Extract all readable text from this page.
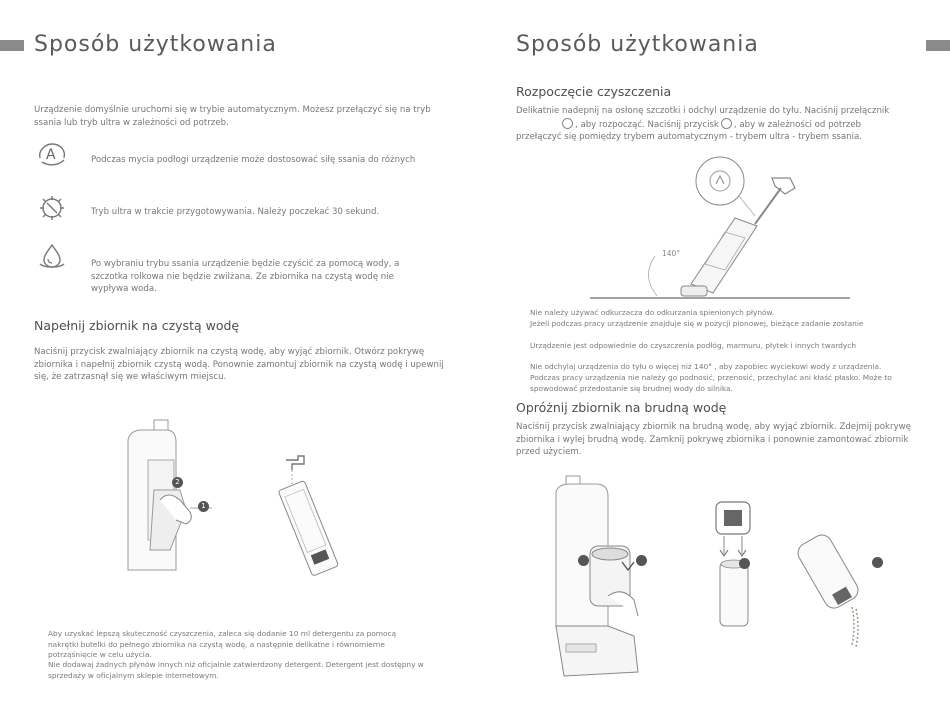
Sposób użytkowania
Urządzenie domyślnie uruchomi się w trybie automatycznym. Możesz przełączyć się na tryb ssania lub tryb ultra w zależności od potrzeb.
A	Podczas mycia podłogi urządzenie może dostosować siłę ssania do różnych
Tryb ultra w trakcie przygotowywania. Należy poczekać 30 sekund.
Po wybraniu trybu ssania urządzenie będzie czyścić za pomocą wody, a szczotka rolkowa nie będzie zwilżana. Ze zbiornika na czystą wodę nie wypływa woda.
Napełnij zbiornik na czystą wodę
Naciśnij przycisk zwalniający zbiornik na czystą wodę, aby wyjąć zbiornik. Otwórz pokrywę zbiornika i napełnij zbiornik czystą wodą. Ponownie zamontuj zbiornik na czystą wodę i upewnij się, że zatrzasnął się we właściwym miejscu.
2
1
Aby uzyskać lepszą skuteczność czyszczenia, zaleca się dodanie 10 ml detergentu za pomocą nakrętki butelki do pełnego zbiornika na czystą wodę, a następnie delikatne i równomierne potrząśnięcie w celu użycia.
Nie dodawaj żadnych płynów innych niż oficjalnie zatwierdzony detergent. Detergent jest dostępny w sprzedaży w oficjalnym sklepie internetowym.
Sposób użytkowania
Rozpoczęcie czyszczenia
Delikatnie nadepnij na osłonę szczotki i odchyl urządzenie do tyłu. Naciśnij przełącznik
, aby rozpocząć. Naciśnij przycisk , aby w zależności od potrzeb
przełączyć się pomiędzy trybem automatycznym - trybem ultra - trybem ssania.
140°
Nie należy używać odkurzacza do odkurzania spienionych płynów.
Jeżeli podczas pracy urządzenie znajduje się w pozycji pionowej, bieżące zadanie zostanie
Urządzenie jest odpowiednie do czyszczenia podłóg, marmuru, płytek i innych twardych
Nie odchylaj urządzenia do tyłu o więcej niż 140° , aby zapobiec wyciekowi wody z urządzenia.
Podczas pracy urządzenia nie należy go podnosić, przenosić, przechylać ani kłaść płasko. Może to spowodować przedostanie się brudnej wody do silnika.
Opróżnij zbiornik na brudną wodę
Naciśnij przycisk zwalniający zbiornik na brudną wodę, aby wyjąć zbiornik. Zdejmij pokrywę zbiornika i wylej brudną wodę. Zamknij pokrywę zbiornika i ponownie zamontować zbiornik przed użyciem.
